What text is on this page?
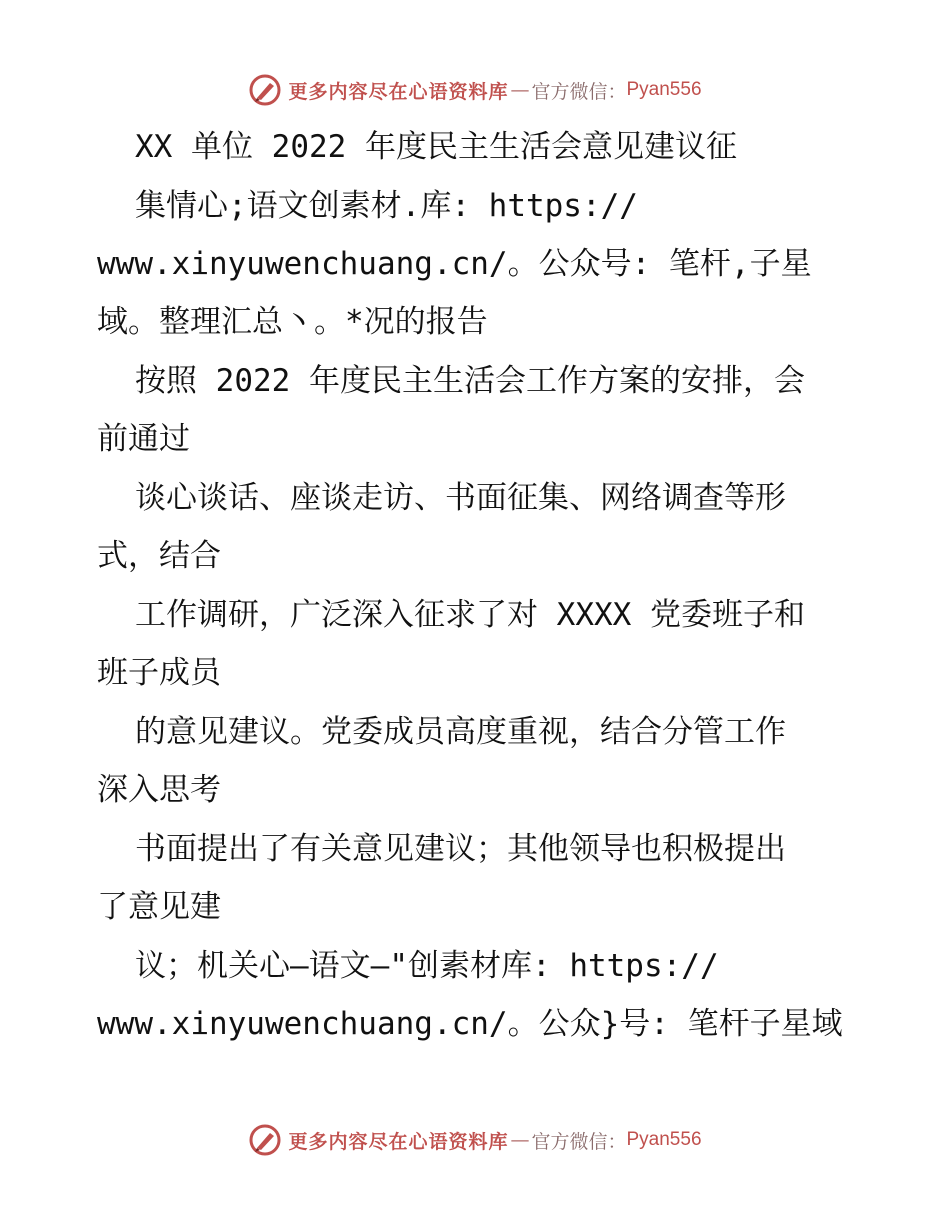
更多内容尽在心语资料库 — 官方微信： Pyan556
XX 单位 2022 年度民主生活会意见建议征
集情心;语文创素材.库: https://
www.xinyuwenchuang.cn/。公众号: 笔杆,子星
域。整理汇总丶。*况的报告
按照 2022 年度民主生活会工作方案的安排，会
前通过
谈心谈话、座谈走访、书面征集、网络调查等形
式，结合
工作调研，广泛深入征求了对 XXXX 党委班子和
班子成员
的意见建议。党委成员高度重视，结合分管工作
深入思考
书面提出了有关意见建议；其他领导也积极提出
了意见建
议；机关心—语文—"创素材库: https://
www.xinyuwenchuang.cn/。公众}号: 笔杆子星域
更多内容尽在心语资料库 — 官方微信： Pyan556
